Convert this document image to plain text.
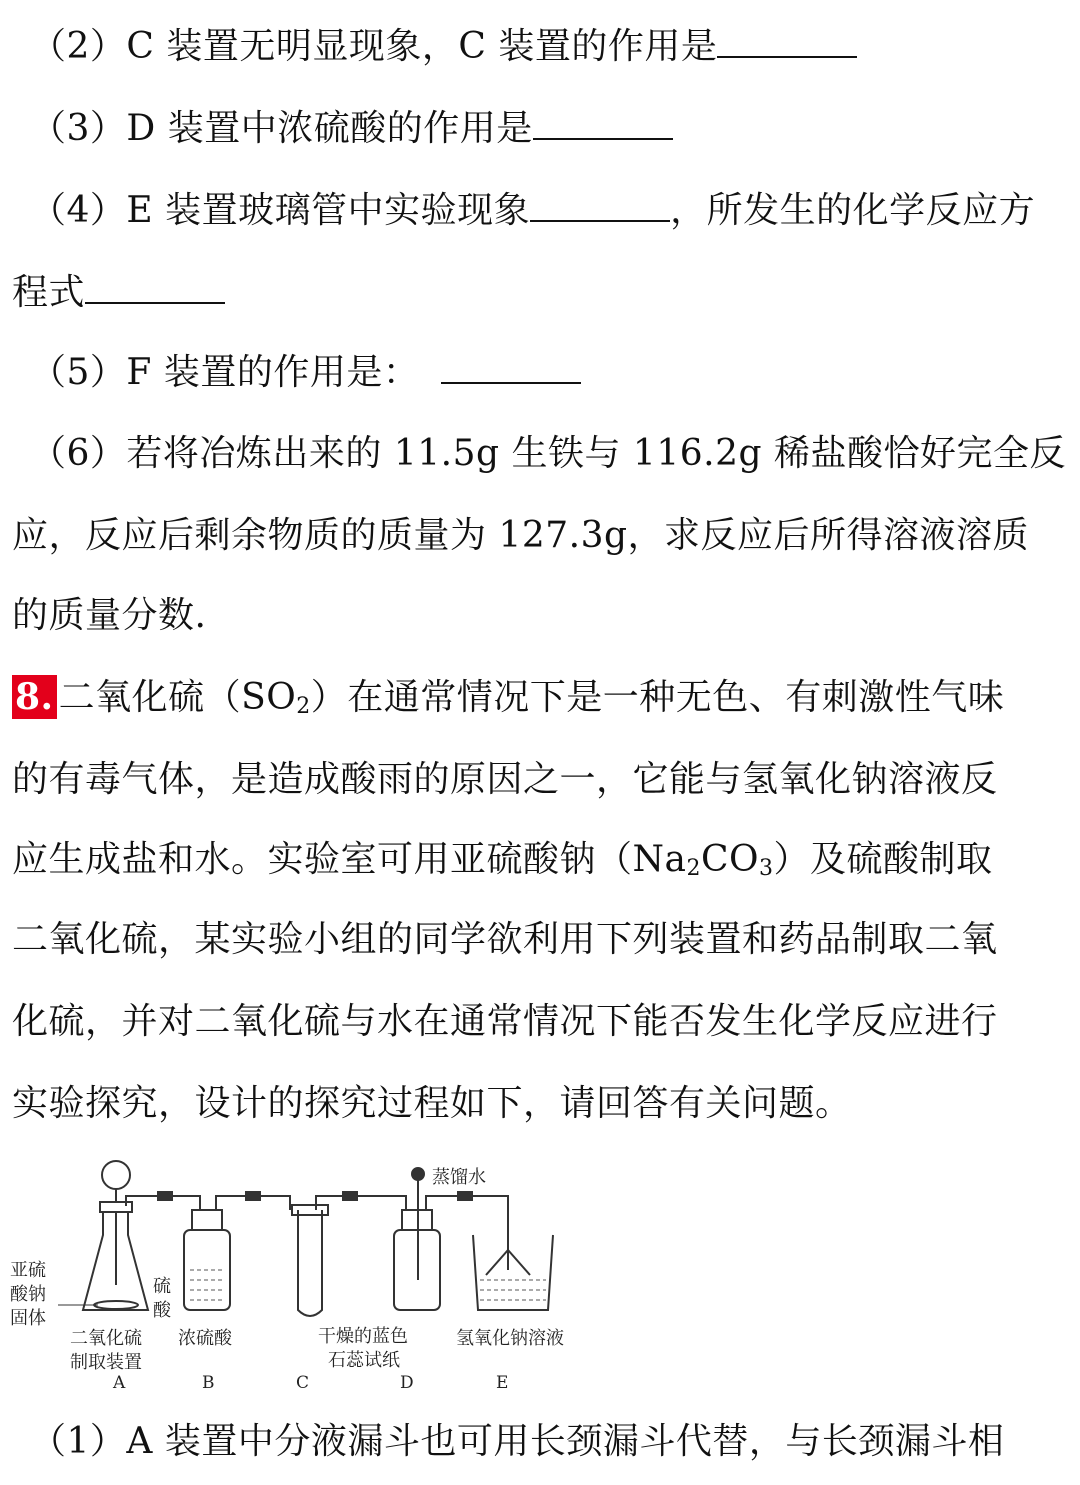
（2）C 装置无明显现象，C 装置的作用是
（3）D 装置中浓硫酸的作用是
（4）E 装置玻璃管中实验现象	，所发生的化学反应方
程式
（5）F 装置的作用是：
（6）若将冶炼出来的 11.5g 生铁与 116.2g 稀盐酸恰好完全反
应，反应后剩余物质的质量为 127.3g，求反应后所得溶液溶质
的质量分数.
8. 二氧化硫$(SO_2)$在通常情况下是一种无色、有刺激性气味
的有毒气体，是造成酸雨的原因之一，它能与氢氧化钠溶液反
应生成盐和水。实验室可用亚硫酸钠$(Na_2CO_3)$及硫酸制取
二氧化硫，某实验小组的同学欲利用下列装置和药品制取二氧
化硫，并对二氧化硫与水在通常情况下能否发生化学反应进行
实验探究，设计的探究过程如下，请回答有关问题。
蒸馏水
亚硫
酸钠
固体
硫
酸
二氧化硫
制取装置
浓硫酸	干燥的蓝色
石蕊试纸
氢氧化钠溶液
A	B	C	D	E
（1）A 装置中分液漏斗也可用长颈漏斗代替，与长颈漏斗相
